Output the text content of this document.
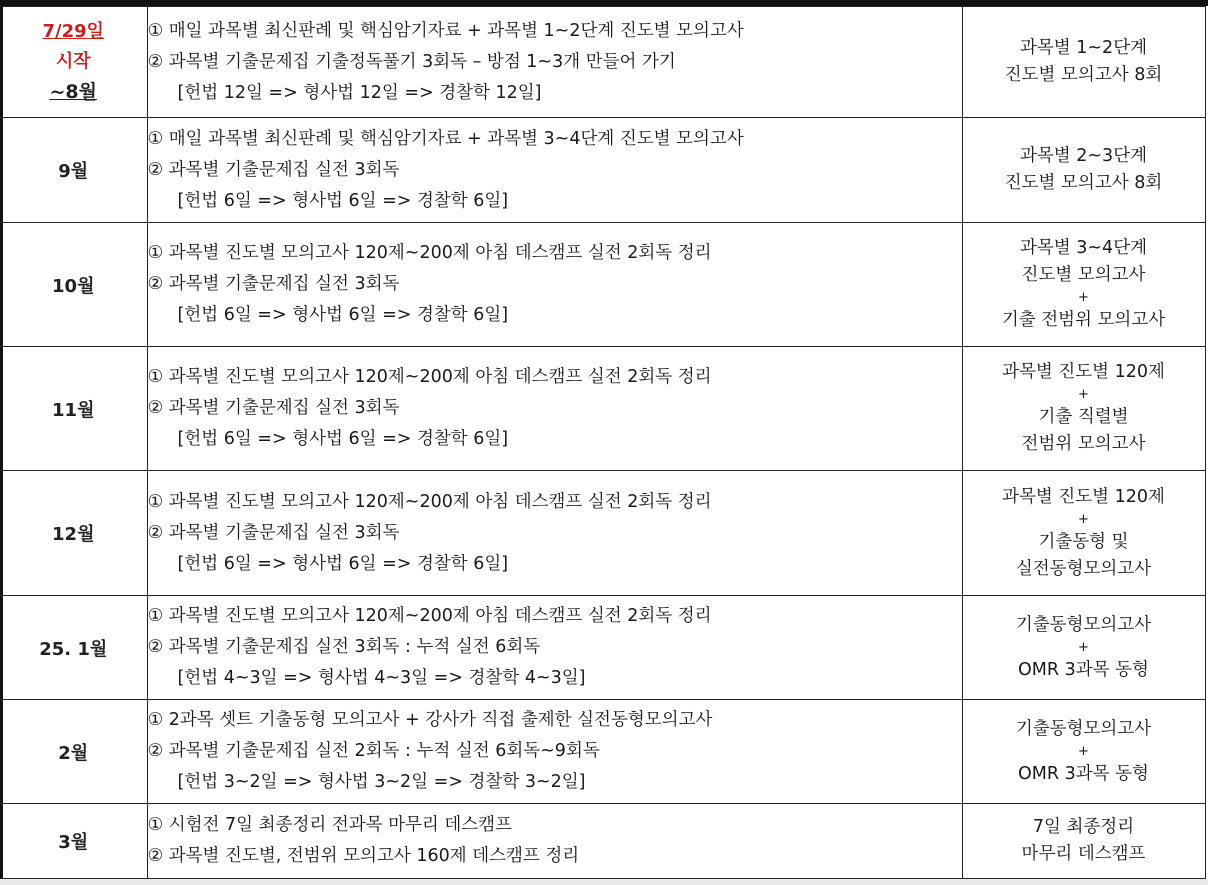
7/29일
시작
~8월	① 매일 과목별 최신판례 및 핵심암기자료 + 과목별 1~2단계 진도별 모의고사
② 과목별 기출문제집 기출정독풀기 3회독 – 방점 1~3개 만들어 가기
[헌법 12일 => 형사법 12일 => 경찰학 12일]	과목별 1~2단계
진도별 모의고사 8회

9월	① 매일 과목별 최신판례 및 핵심암기자료 + 과목별 3~4단계 진도별 모의고사
② 과목별 기출문제집 실전 3회독
[헌법 6일 => 형사법 6일 => 경찰학 6일]	과목별 2~3단계
진도별 모의고사 8회

10월	① 과목별 진도별 모의고사 120제~200제 아침 데스캠프 실전 2회독 정리
② 과목별 기출문제집 실전 3회독
[헌법 6일 => 형사법 6일 => 경찰학 6일]	과목별 3~4단계
진도별 모의고사
+
기출 전범위 모의고사

11월	① 과목별 진도별 모의고사 120제~200제 아침 데스캠프 실전 2회독 정리
② 과목별 기출문제집 실전 3회독
[헌법 6일 => 형사법 6일 => 경찰학 6일]	과목별 진도별 120제
+
기출 직렬별
전범위 모의고사

12월	① 과목별 진도별 모의고사 120제~200제 아침 데스캠프 실전 2회독 정리
② 과목별 기출문제집 실전 3회독
[헌법 6일 => 형사법 6일 => 경찰학 6일]	과목별 진도별 120제
+
기출동형 및
실전동형모의고사

25. 1월	① 과목별 진도별 모의고사 120제~200제 아침 데스캠프 실전 2회독 정리
② 과목별 기출문제집 실전 3회독 : 누적 실전 6회독
[헌법 4~3일 => 형사법 4~3일 => 경찰학 4~3일]	기출동형모의고사
+
OMR 3과목 동형

2월	① 2과목 셋트 기출동형 모의고사 + 강사가 직접 출제한 실전동형모의고사
② 과목별 기출문제집 실전 2회독 : 누적 실전 6회독~9회독
[헌법 3~2일 => 형사법 3~2일 => 경찰학 3~2일]	기출동형모의고사
+
OMR 3과목 동형

3월	① 시험전 7일 최종정리 전과목 마무리 데스캠프
② 과목별 진도별, 전범위 모의고사 160제 데스캠프 정리	7일 최종정리
마무리 데스캠프
